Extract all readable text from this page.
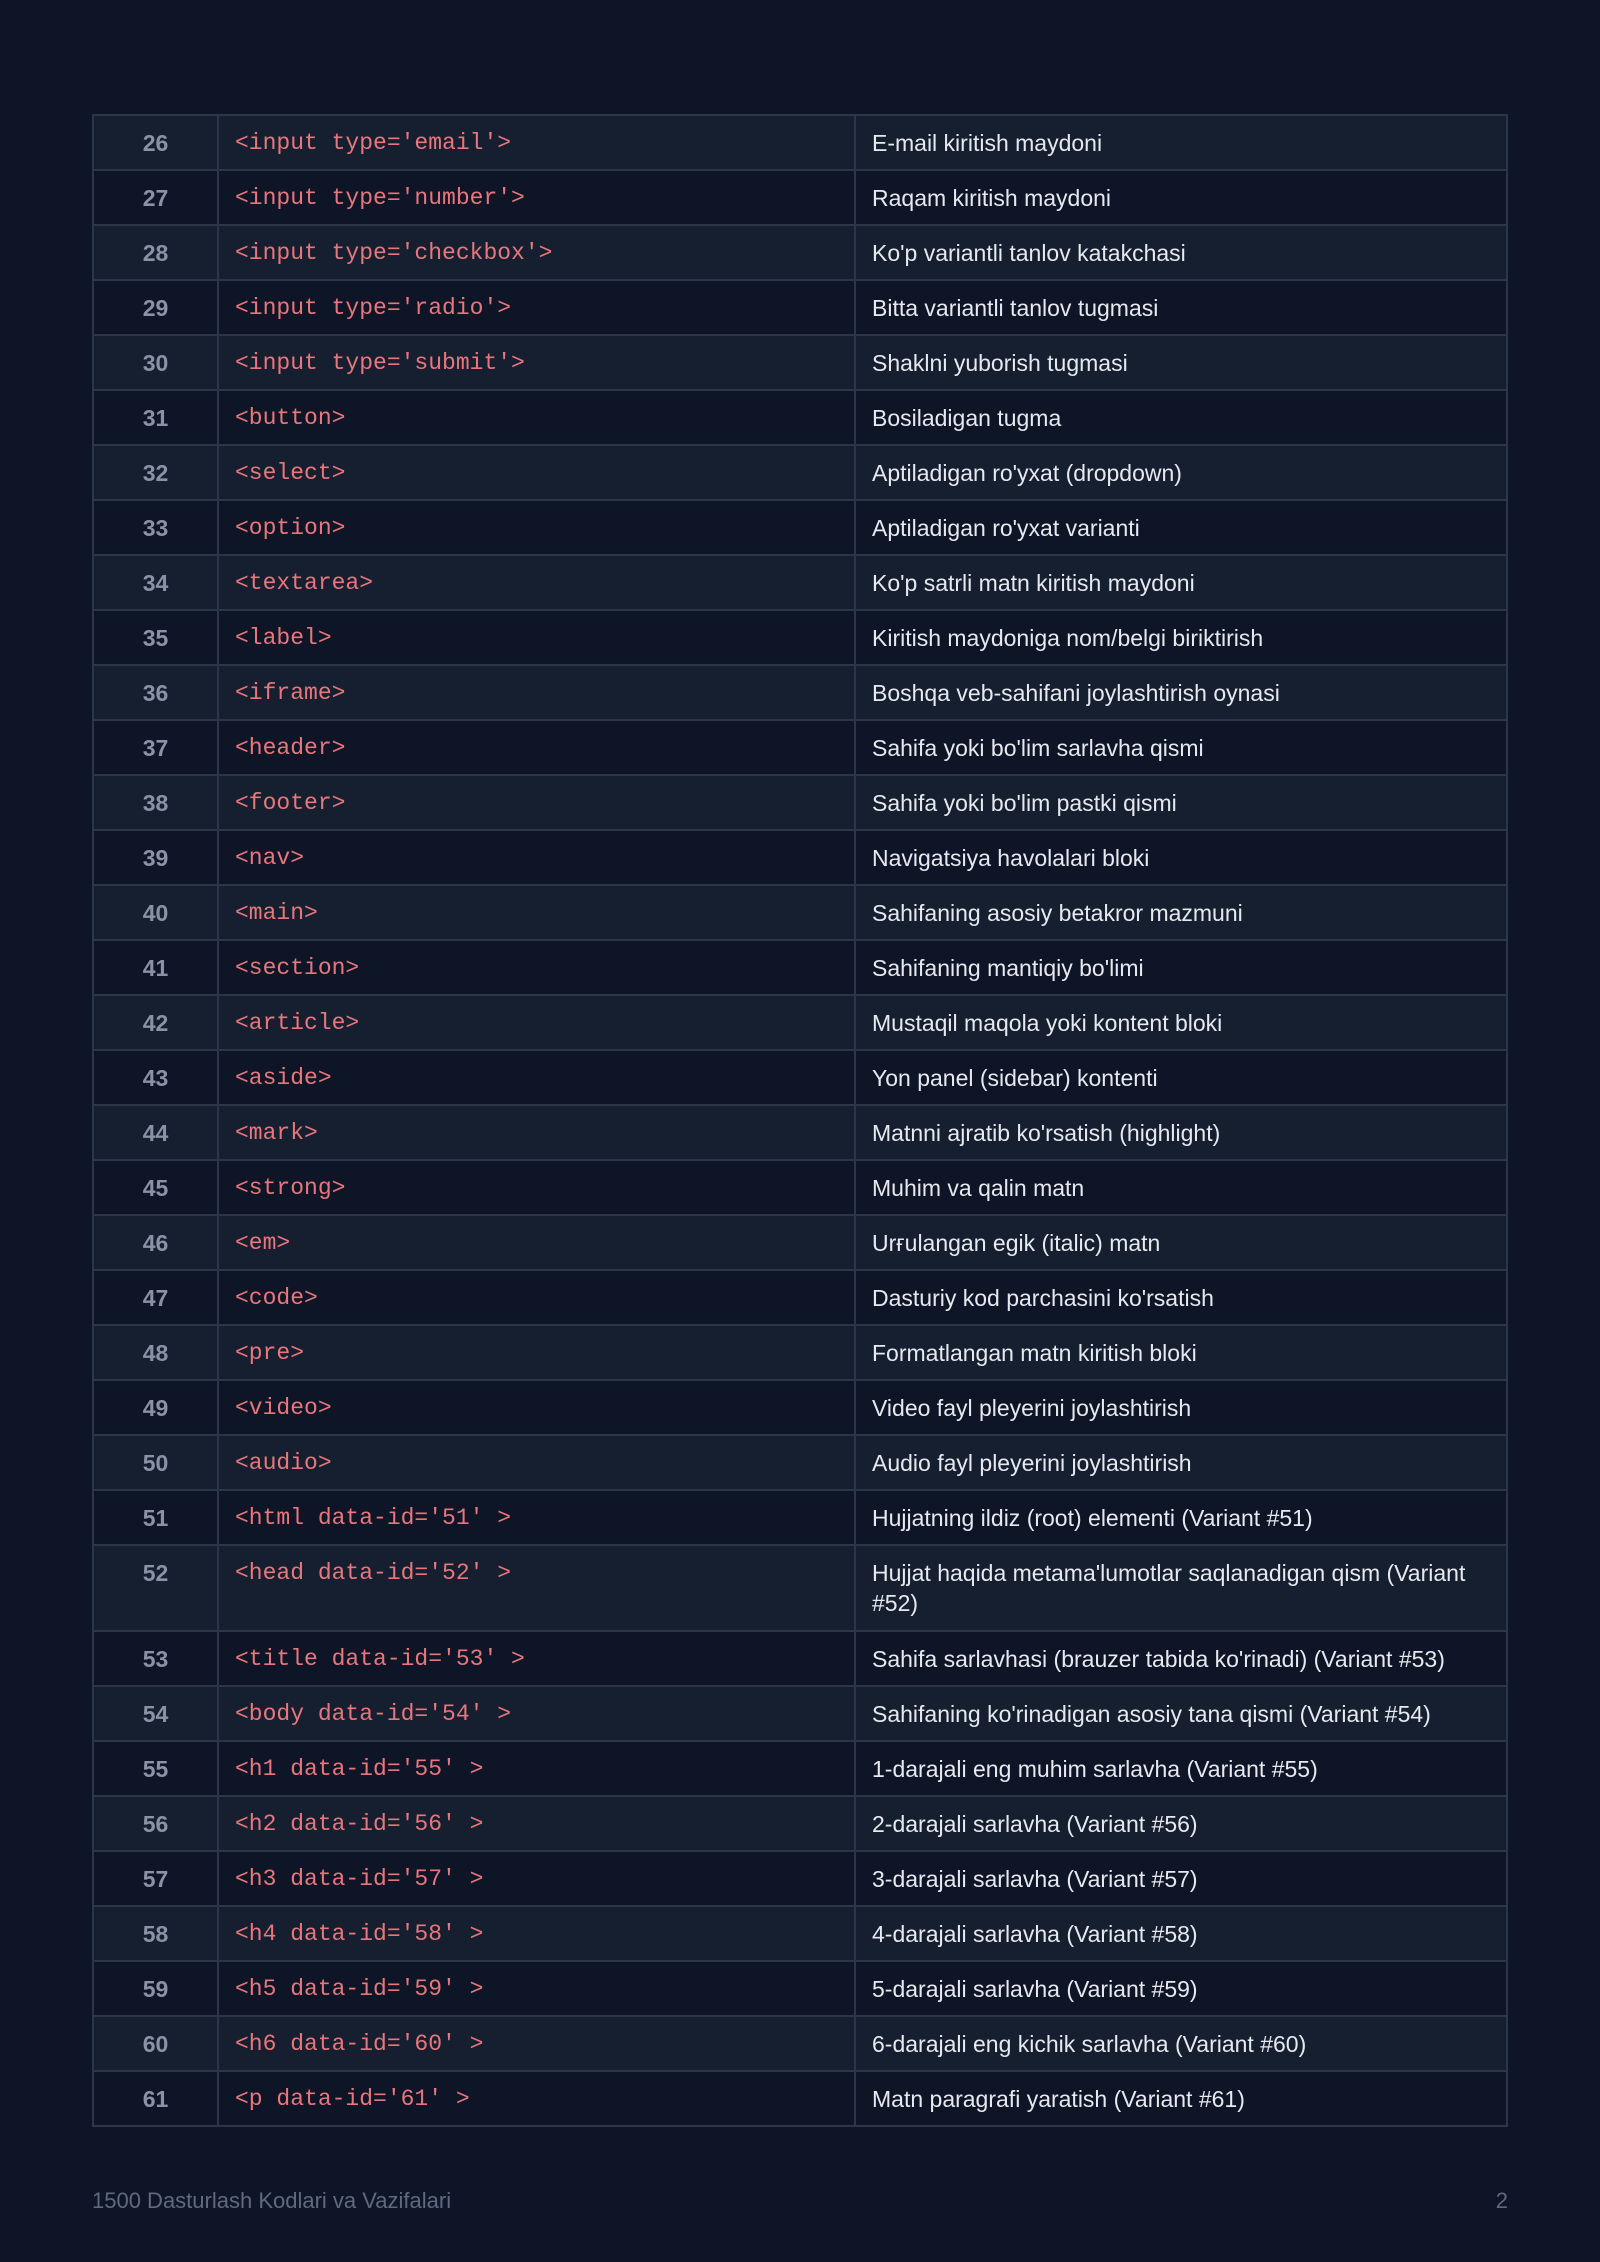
26	<input type='email'>	E-mail kiritish maydoni
27	<input type='number'>	Raqam kiritish maydoni
28	<input type='checkbox'>	Ko'p variantli tanlov katakchasi
29	<input type='radio'>	Bitta variantli tanlov tugmasi
30	<input type='submit'>	Shaklni yuborish tugmasi
31	<button>	Bosiladigan tugma
32	<select>	Aptiladigan ro'yxat (dropdown)
33	<option>	Aptiladigan ro'yxat varianti
34	<textarea>	Ko'p satrli matn kiritish maydoni
35	<label>	Kiritish maydoniga nom/belgi biriktirish
36	<iframe>	Boshqa veb-sahifani joylashtirish oynasi
37	<header>	Sahifa yoki bo'lim sarlavha qismi
38	<footer>	Sahifa yoki bo'lim pastki qismi
39	<nav>	Navigatsiya havolalari bloki
40	<main>	Sahifaning asosiy betakror mazmuni
41	<section>	Sahifaning mantiqiy bo'limi
42	<article>	Mustaqil maqola yoki kontent bloki
43	<aside>	Yon panel (sidebar) kontenti
44	<mark>	Matnni ajratib ko'rsatish (highlight)
45	<strong>	Muhim va qalin matn
46	<em>	Urғulangan egik (italic) matn
47	<code>	Dasturiy kod parchasini ko'rsatish
48	<pre>	Formatlangan matn kiritish bloki
49	<video>	Video fayl pleyerini joylashtirish
50	<audio>	Audio fayl pleyerini joylashtirish
51	<html data-id='51' >	Hujjatning ildiz (root) elementi (Variant #51)
52	<head data-id='52' >	Hujjat haqida metama'lumotlar saqlanadigan qism (Variant #52)
53	<title data-id='53' >	Sahifa sarlavhasi (brauzer tabida ko'rinadi) (Variant #53)
54	<body data-id='54' >	Sahifaning ko'rinadigan asosiy tana qismi (Variant #54)
55	<h1 data-id='55' >	1-darajali eng muhim sarlavha (Variant #55)
56	<h2 data-id='56' >	2-darajali sarlavha (Variant #56)
57	<h3 data-id='57' >	3-darajali sarlavha (Variant #57)
58	<h4 data-id='58' >	4-darajali sarlavha (Variant #58)
59	<h5 data-id='59' >	5-darajali sarlavha (Variant #59)
60	<h6 data-id='60' >	6-darajali eng kichik sarlavha (Variant #60)
61	<p data-id='61' >	Matn paragrafi yaratish (Variant #61)
1500 Dasturlash Kodlari va Vazifalari	2
